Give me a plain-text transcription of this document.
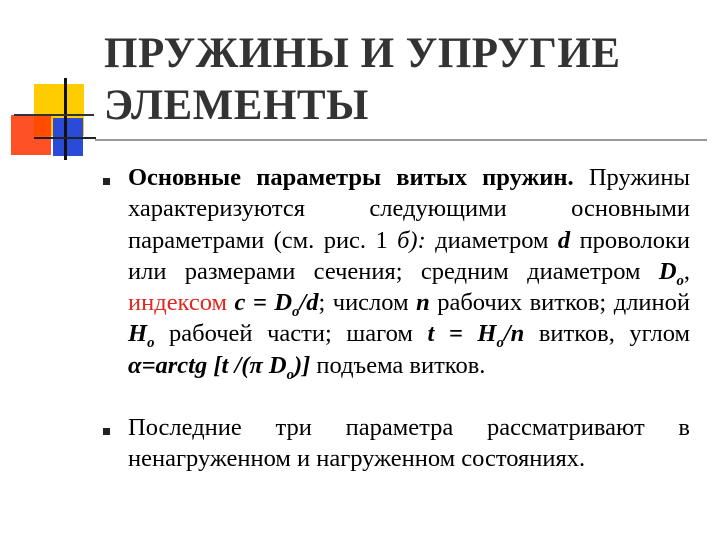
ПРУЖИНЫ И УПРУГИЕ
ЭЛЕМЕНТЫ
Основные параметры витых пружин. Пружины характеризуются следующими основными параметрами (см. рис. 1 б): диаметром d проволоки или размерами сечения; средним диаметром $D_o$, индексом $c = D_o/d$; числом n рабочих витков; длиной $H_o$ рабочей части; шагом $t = H_o/n$ витков, углом α=arctg [t /(π $D_o$)] подъема витков.
Последние три параметра рассматривают в ненагруженном и нагруженном состояниях.
